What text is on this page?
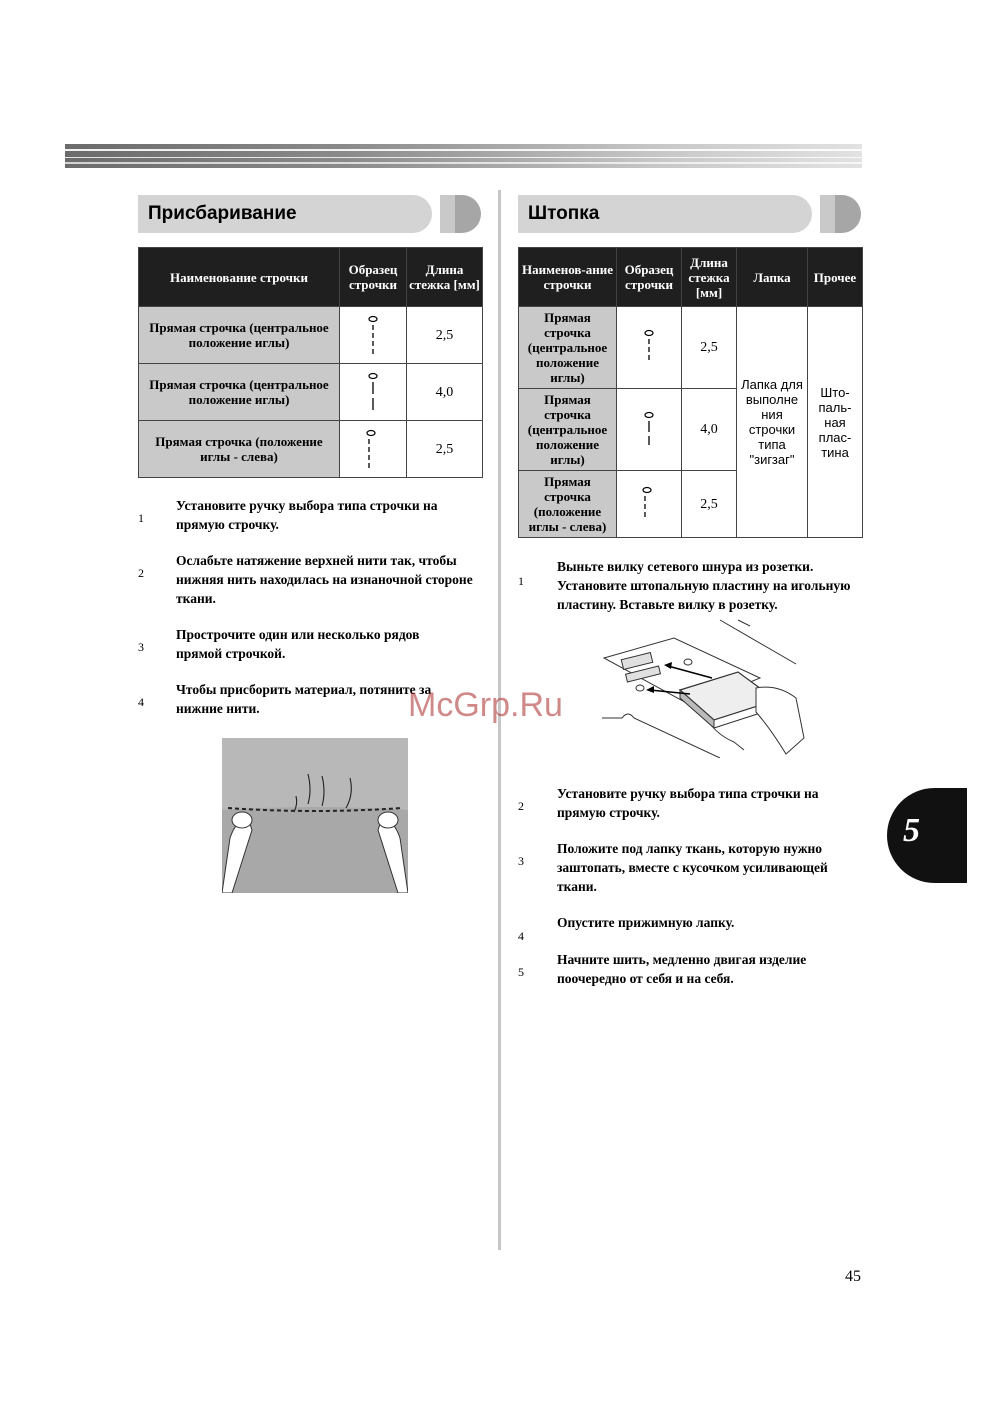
Присбаривание
Наименование строчки	Образец строчки	Длина стежка [мм]
Прямая строчка (центральное положение иглы)		2,5
Прямая строчка (центральное положение иглы)		4,0
Прямая строчка (положение иглы - слева)		2,5
1
Установите ручку выбора типа строчки на прямую строчку.
2
Ослабьте натяжение верхней нити так, чтобы нижняя нить находилась на изнаночной стороне ткани.
3
Прострочите один или несколько рядов прямой строчкой.
4
Чтобы присборить материал, потяните за нижние нити.
Штопка
Наименов-ание строчки	Образец строчки	Длина стежка [мм]	Лапка	Прочее
Прямая строчка (центральное положение иглы)		2,5	Лапка для выполне ния строчки типа "зигзаг"	Што- паль- ная плас- тина
Прямая строчка (центральное положение иглы)		4,0		
Прямая строчка (положение иглы - слева)		2,5		
1
Выньте вилку сетевого шнура из розетки. Установите штопальную пластину на игольную пластину. Вставьте вилку в розетку.
2
Установите ручку выбора типа строчки на прямую строчку.
3
Положите под лапку ткань, которую нужно заштопать, вместе с кусочком усиливающей ткани.
4
Опустите прижимную лапку.
5
Начните шить, медленно двигая изделие поочередно от себя и на себя.
5
McGrp.Ru
45
